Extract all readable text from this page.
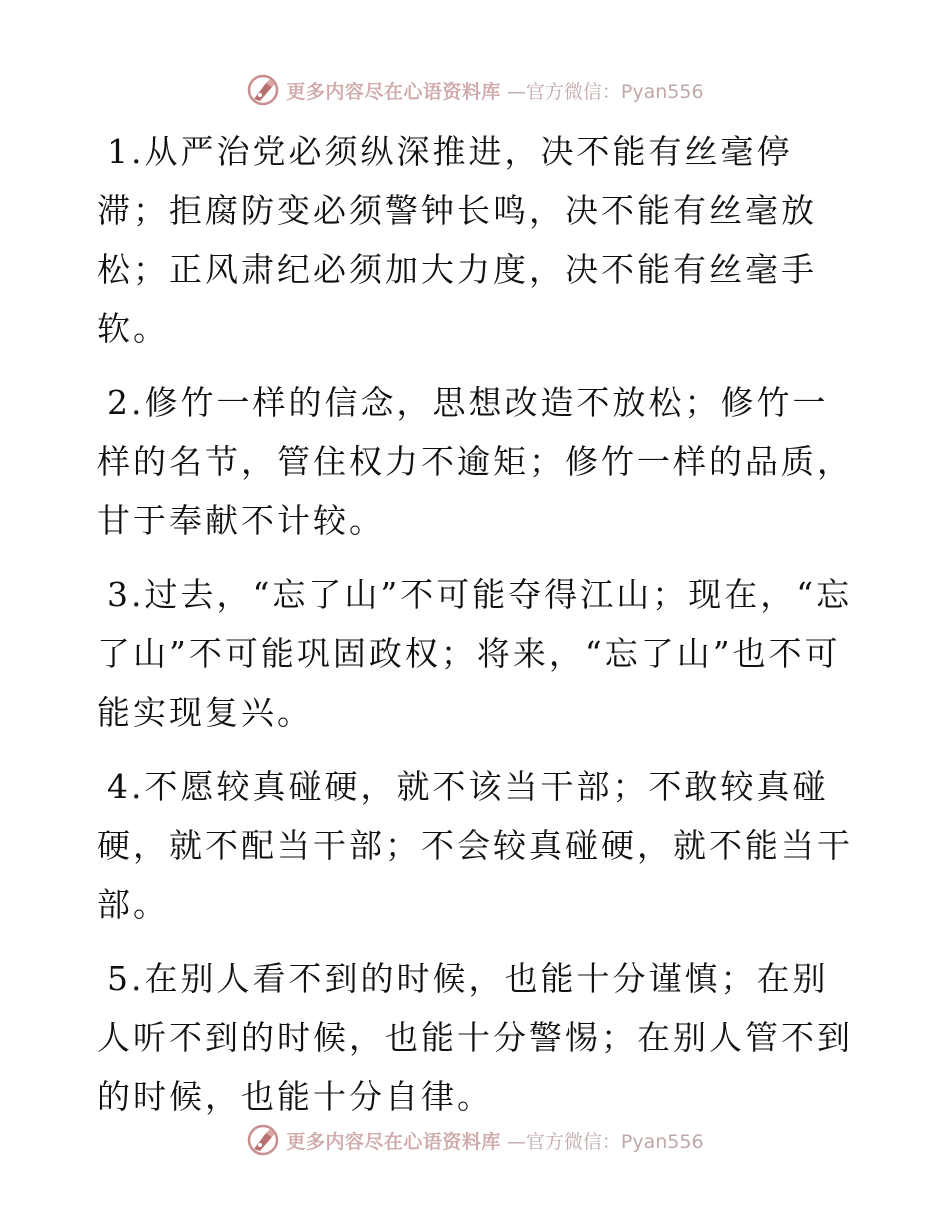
更多内容尽在心语资料库 —官方微信：Pyan556

1.从严治党必须纵深推进，决不能有丝毫停滞；拒腐防变必须警钟长鸣，决不能有丝毫放松；正风肃纪必须加大力度，决不能有丝毫手软。

2.修竹一样的信念，思想改造不放松；修竹一样的名节，管住权力不逾矩；修竹一样的品质，甘于奉献不计较。

3.过去，“忘了山”不可能夺得江山；现在，“忘了山”不可能巩固政权；将来，“忘了山”也不可能实现复兴。

4.不愿较真碰硬，就不该当干部；不敢较真碰硬，就不配当干部；不会较真碰硬，就不能当干部。

5.在别人看不到的时候，也能十分谨慎；在别人听不到的时候，也能十分警惕；在别人管不到的时候，也能十分自律。

更多内容尽在心语资料库 —官方微信：Pyan556
